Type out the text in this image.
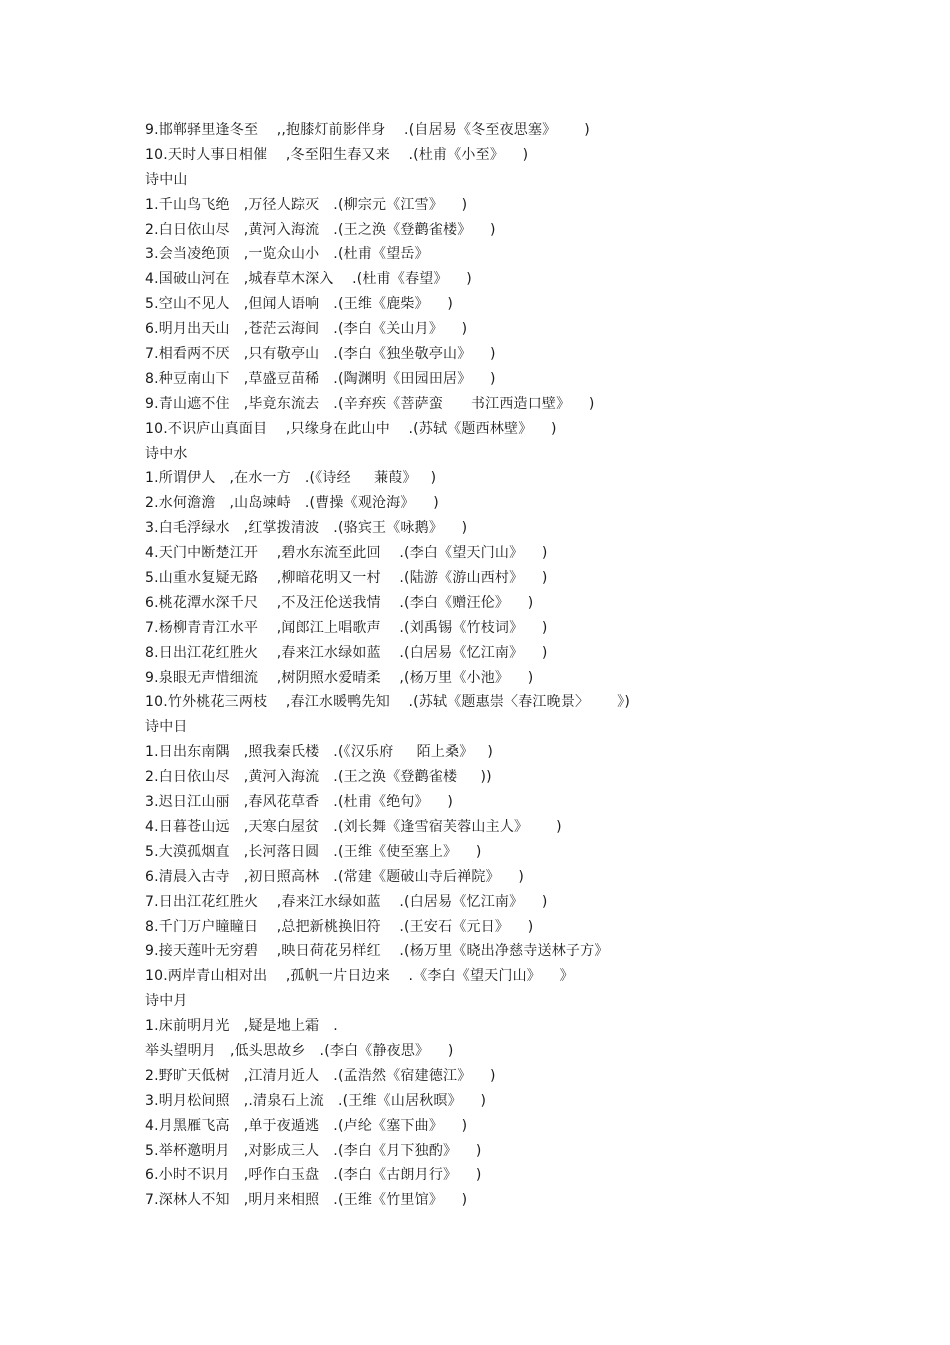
9.邯郸驿里逢冬至    ,,抱膝灯前影伴身    .(自居易《冬至夜思塞》      )
10.天时人事日相催    ,冬至阳生春又来    .(杜甫《小至》    )
诗中山
1.千山鸟飞绝   ,万径人踪灭   .(柳宗元《江雪》    )
2.白日依山尽   ,黄河入海流   .(王之涣《登鹳雀楼》    )
3.会当凌绝顶   ,一览众山小   .(杜甫《望岳》
4.国破山河在   ,城春草木深入    .(杜甫《春望》    )
5.空山不见人   ,但闻人语响   .(王维《鹿柴》    )
6.明月出天山   ,苍茫云海间   .(李白《关山月》    )
7.相看两不厌   ,只有敬亭山   .(李白《独坐敬亭山》    )
8.种豆南山下   ,草盛豆苗稀   .(陶渊明《田园田居》    )
9.青山遮不住   ,毕竟东流去   .(辛弃疾《菩萨蛮      书江西造口壁》    )
10.不识庐山真面目    ,只缘身在此山中    .(苏轼《题西林壁》    )
诗中水
1.所谓伊人   ,在水一方   .(《诗经     蒹葭》   )
2.水何澹澹   ,山岛竦峙   .(曹操《观沧海》    )
3.白毛浮绿水   ,红掌拨清波   .(骆宾王《咏鹅》    )
4.天门中断楚江开    ,碧水东流至此回    .(李白《望天门山》    )
5.山重水复疑无路    ,柳暗花明又一村    .(陆游《游山西村》    )
6.桃花潭水深千尺    ,不及汪伦送我情    .(李白《赠汪伦》    )
7.杨柳青青江水平    ,闻郎江上唱歌声    .(刘禹锡《竹枝词》    )
8.日出江花红胜火    ,春来江水绿如蓝    .(白居易《忆江南》    )
9.泉眼无声惜细流    ,树阴照水爱晴柔    ,(杨万里《小池》    )
10.竹外桃花三两枝    ,春江水暖鸭先知    .(苏轼《题惠崇〈春江晚景〉      》)
诗中日
1.日出东南隅   ,照我秦氏楼   .(《汉乐府     陌上桑》   )
2.白日依山尽   ,黄河入海流   .(王之涣《登鹳雀楼     ))
3.迟日江山丽   ,春风花草香   .(杜甫《绝句》    )
4.日暮苍山远   ,天寒白屋贫   .(刘长舞《逢雪宿芙蓉山主人》      )
5.大漠孤烟直   ,长河落日圆   .(王维《使至塞上》    )
6.清晨入古寺   ,初日照高林   .(常建《题破山寺后禅院》    )
7.日出江花红胜火    ,春来江水绿如蓝    .(白居易《忆江南》    )
8.千门万户瞳瞳日    ,总把新桃换旧符    .(王安石《元日》    )
9.接天莲叶无穷碧    ,映日荷花另样红    .(杨万里《晓出净慈寺送林子方》
10.两岸青山相对出    ,孤帆一片日边来    .《李白《望天门山》    》
诗中月
1.床前明月光   ,疑是地上霜   .
举头望明月   ,低头思故乡   .(李白《静夜思》    )
2.野旷天低树   ,江清月近人   .(孟浩然《宿建德江》    )
3.明月松间照   ,.清泉石上流   .(王维《山居秋暝》    )
4.月黑雁飞高   ,单于夜遁逃   .(卢纶《塞下曲》    )
5.举杯邀明月   ,对影成三人   .(李白《月下独酌》    )
6.小时不识月   ,呼作白玉盘   .(李白《古朗月行》    )
7.深林人不知   ,明月来相照   .(王维《竹里馆》    )
